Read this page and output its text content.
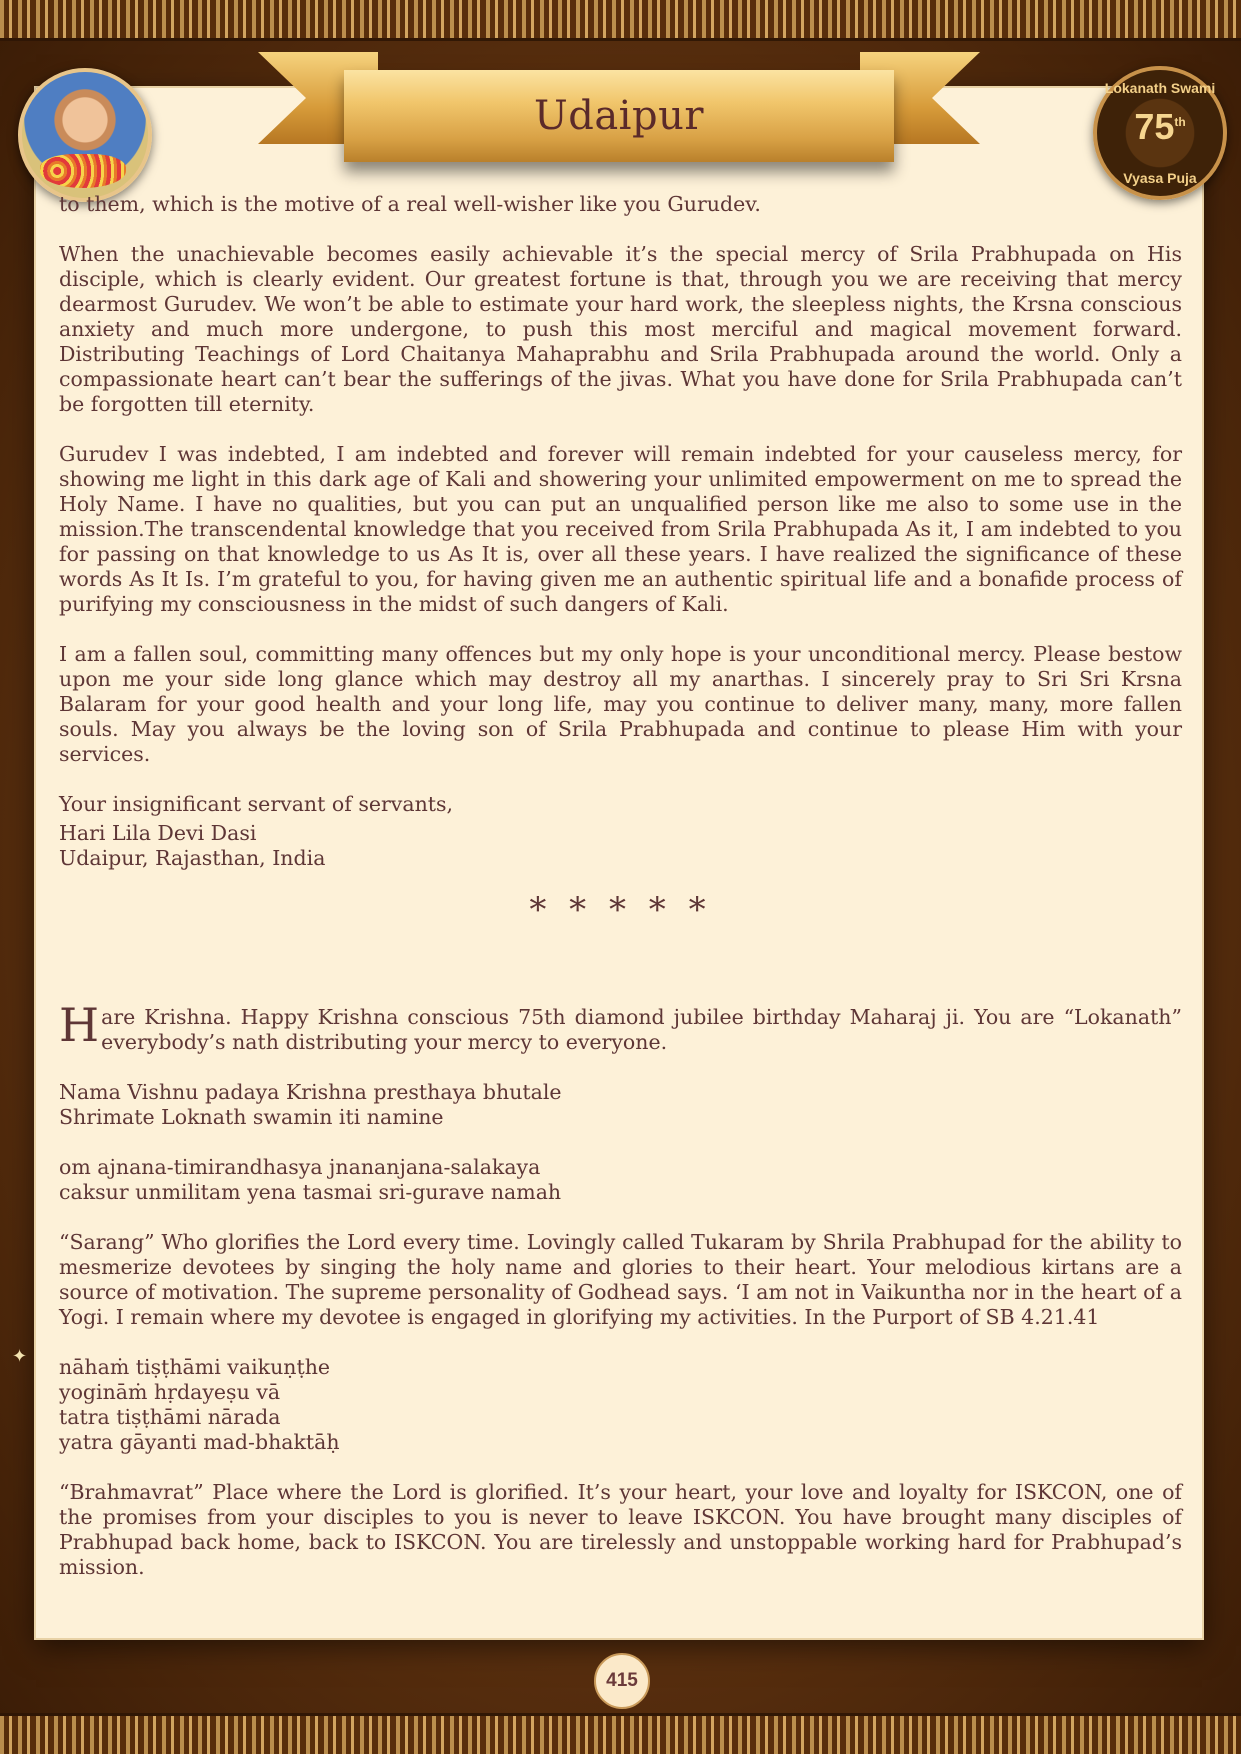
Lokanath Swami
75th
Vyasa Puja
Udaipur

to them, which is the motive of a real well-wisher like you Gurudev.

When the unachievable becomes easily achievable it’s the special mercy of Srila Prabhupada on His disciple, which is clearly evident. Our greatest fortune is that, through you we are receiving that mercy dearmost Gurudev. We won’t be able to estimate your hard work, the sleepless nights, the Krsna conscious anxiety and much more undergone, to push this most merciful and magical movement forward. Distributing Teachings of Lord Chaitanya Mahaprabhu and Srila Prabhupada around the world. Only a compassionate heart can’t bear the sufferings of the jivas. What you have done for Srila Prabhupada can’t be forgotten till eternity.

Gurudev I was indebted, I am indebted and forever will remain indebted for your causeless mercy, for showing me light in this dark age of Kali and showering your unlimited empowerment on me to spread the Holy Name. I have no qualities, but you can put an unqualified person like me also to some use in the mission.The transcendental knowledge that you received from Srila Prabhupada As it, I am indebted to you for passing on that knowledge to us As It is, over all these years. I have realized the significance of these words As It Is. I’m grateful to you, for having given me an authentic spiritual life and a bonafide process of purifying my consciousness in the midst of such dangers of Kali.

I am a fallen soul, committing many offences but my only hope is your unconditional mercy. Please bestow upon me your side long glance which may destroy all my anarthas. I sincerely pray to Sri Sri Krsna Balaram for your good health and your long life, may you continue to deliver many, many, more fallen souls. May you always be the loving son of Srila Prabhupada and continue to please Him with your services.

Your insignificant servant of servants,

Hari Lila Devi Dasi
Udaipur, Rajasthan, India
* * * * *

Hare Krishna. Happy Krishna conscious 75th diamond jubilee birthday Maharaj ji. You are “Lokanath” everybody’s nath distributing your mercy to everyone.

Nama Vishnu padaya Krishna presthaya bhutale
Shrimate Loknath swamin iti namine
om ajnana-timirandhasya jnananjana-salakaya
caksur unmilitam yena tasmai sri-gurave namah

“Sarang” Who glorifies the Lord every time. Lovingly called Tukaram by Shrila Prabhupad for the ability to mesmerize devotees by singing the holy name and glories to their heart. Your melodious kirtans are a source of motivation. The supreme personality of Godhead says. ‘I am not in Vaikuntha nor in the heart of a Yogi. I remain where my devotee is engaged in glorifying my activities. In the Purport of SB 4.21.41

nāhaṁ tiṣṭhāmi vaikuṇṭhe
yogināṁ hṛdayeṣu vā
tatra tiṣṭhāmi nārada
yatra gāyanti mad-bhaktāḥ

“Brahmavrat” Place where the Lord is glorified. It’s your heart, your love and loyalty for ISKCON, one of the promises from your disciples to you is never to leave ISKCON. You have brought many disciples of Prabhupad back home, back to ISKCON. You are tirelessly and unstoppable working hard for Prabhupad’s mission.

✦
415
